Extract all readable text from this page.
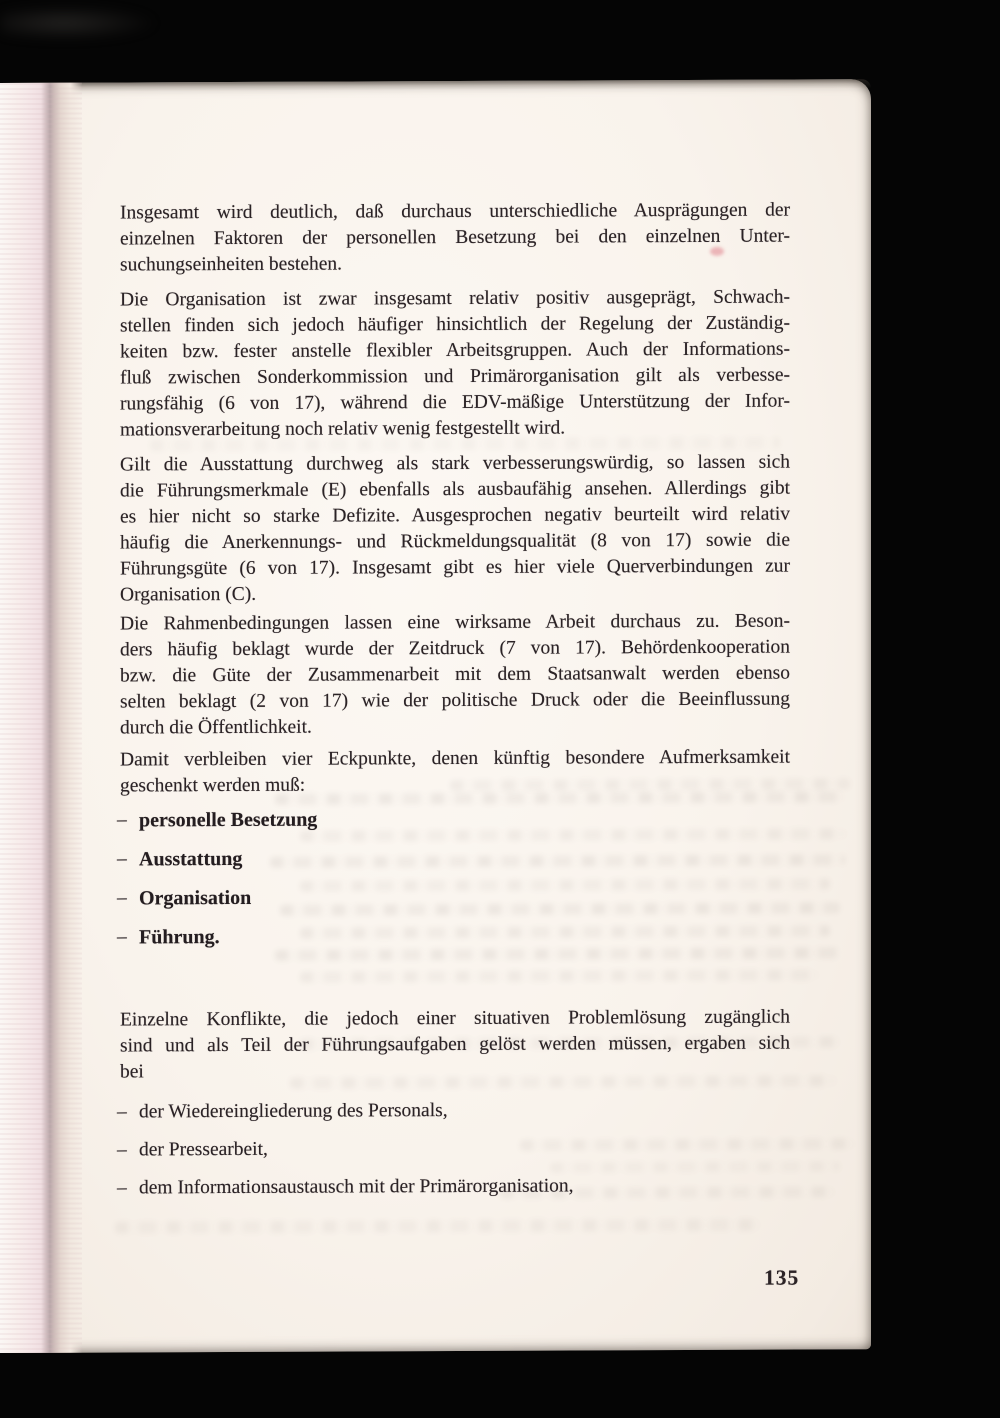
Insgesamt wird deutlich, daß durchaus unterschiedliche Ausprägungen der
einzelnen Faktoren der personellen Besetzung bei den einzelnen Unter-
suchungseinheiten bestehen.
Die Organisation ist zwar insgesamt relativ positiv ausgeprägt, Schwach-
stellen finden sich jedoch häufiger hinsichtlich der Regelung der Zuständig-
keiten bzw. fester anstelle flexibler Arbeitsgruppen. Auch der Informations-
fluß zwischen Sonderkommission und Primärorganisation gilt als verbesse-
rungsfähig (6 von 17), während die EDV-mäßige Unterstützung der Infor-
mationsverarbeitung noch relativ wenig festgestellt wird.
Gilt die Ausstattung durchweg als stark verbesserungswürdig, so lassen sich
die Führungsmerkmale (E) ebenfalls als ausbaufähig ansehen. Allerdings gibt
es hier nicht so starke Defizite. Ausgesprochen negativ beurteilt wird relativ
häufig die Anerkennungs- und Rückmeldungsqualität (8 von 17) sowie die
Führungsgüte (6 von 17). Insgesamt gibt es hier viele Querverbindungen zur
Organisation (C).
Die Rahmenbedingungen lassen eine wirksame Arbeit durchaus zu. Beson-
ders häufig beklagt wurde der Zeitdruck (7 von 17). Behördenkooperation
bzw. die Güte der Zusammenarbeit mit dem Staatsanwalt werden ebenso
selten beklagt (2 von 17) wie der politische Druck oder die Beeinflussung
durch die Öffentlichkeit.
Damit verbleiben vier Eckpunkte, denen künftig besondere Aufmerksamkeit
geschenkt werden muß:
– personelle Besetzung
– Ausstattung
– Organisation
– Führung.
Einzelne Konflikte, die jedoch einer situativen Problemlösung zugänglich
sind und als Teil der Führungsaufgaben gelöst werden müssen, ergaben sich
bei
– der Wiedereingliederung des Personals,
– der Pressearbeit,
– dem Informationsaustausch mit der Primärorganisation,
135
